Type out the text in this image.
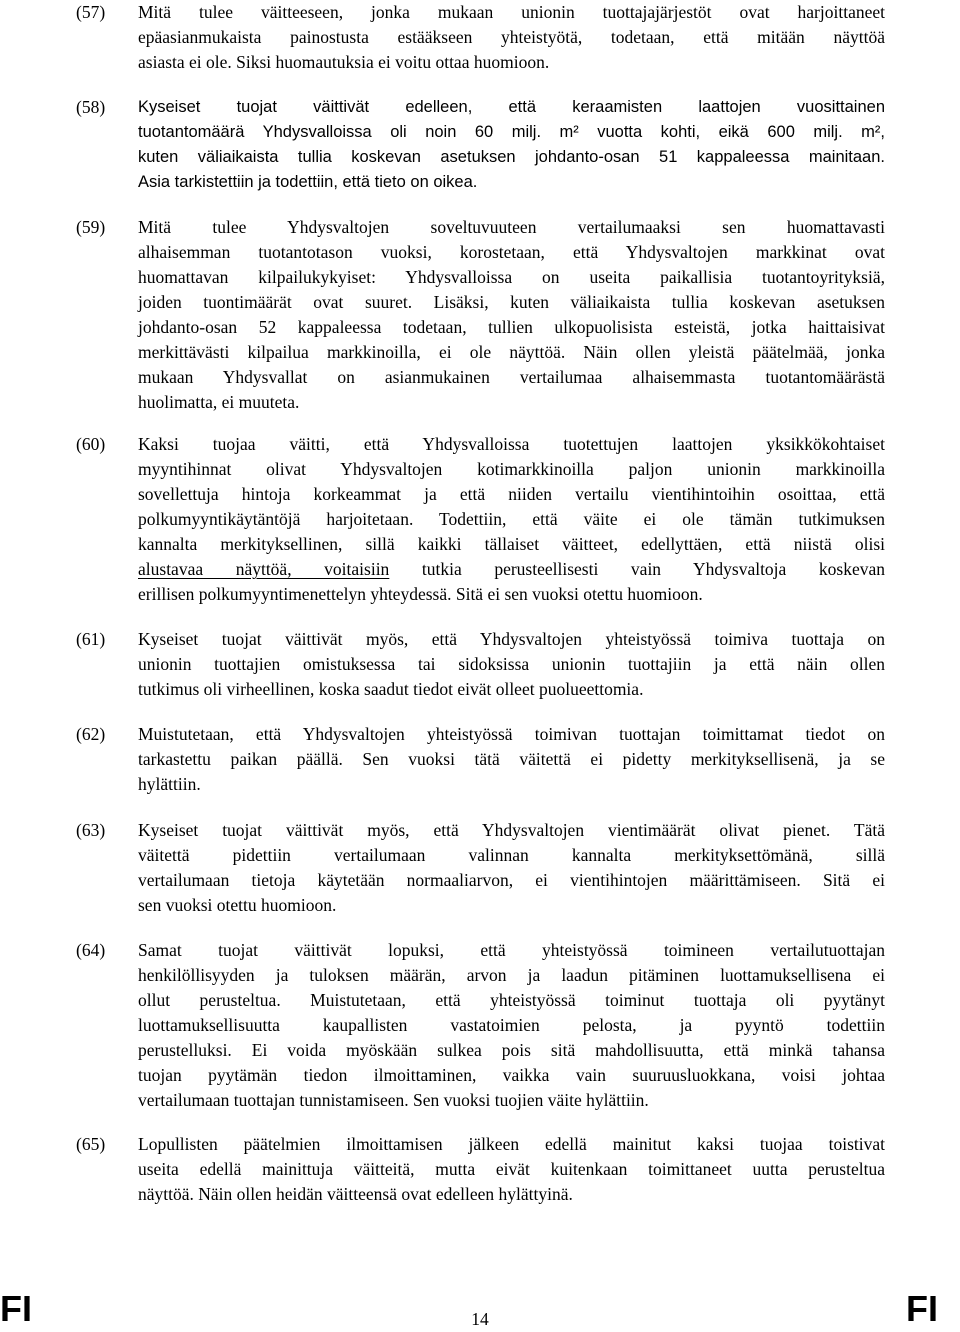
(57) Mitä tulee väitteeseen, jonka mukaan unionin tuottajajärjestöt ovat harjoittaneet
epäasianmukaista painostusta estääkseen yhteistyötä, todetaan, että mitään näyttöä
asiasta ei ole. Siksi huomautuksia ei voitu ottaa huomioon.
(58) Kyseiset tuojat väittivät edelleen, että keraamisten laattojen vuosittainen
tuotantomäärä Yhdysvalloissa oli noin 60 milj. m² vuotta kohti, eikä 600 milj. m²,
kuten väliaikaista tullia koskevan asetuksen johdanto-osan 51 kappaleessa mainitaan.
Asia tarkistettiin ja todettiin, että tieto on oikea.
(59) Mitä tulee Yhdysvaltojen soveltuvuuteen vertailumaaksi sen huomattavasti
alhaisemman tuotantotason vuoksi, korostetaan, että Yhdysvaltojen markkinat ovat
huomattavan kilpailukykyiset: Yhdysvalloissa on useita paikallisia tuotantoyrityksiä,
joiden tuontimäärät ovat suuret. Lisäksi, kuten väliaikaista tullia koskevan asetuksen
johdanto-osan 52 kappaleessa todetaan, tullien ulkopuolisista esteistä, jotka haittaisivat
merkittävästi kilpailua markkinoilla, ei ole näyttöä. Näin ollen yleistä päätelmää, jonka
mukaan Yhdysvallat on asianmukainen vertailumaa alhaisemmasta tuotantomäärästä
huolimatta, ei muuteta.
(60) Kaksi tuojaa väitti, että Yhdysvalloissa tuotettujen laattojen yksikkökohtaiset
myyntihinnat olivat Yhdysvaltojen kotimarkkinoilla paljon unionin markkinoilla
sovellettuja hintoja korkeammat ja että niiden vertailu vientihintoihin osoittaa, että
polkumyyntikäytäntöjä harjoitetaan. Todettiin, että väite ei ole tämän tutkimuksen
kannalta merkityksellinen, sillä kaikki tällaiset väitteet, edellyttäen, että niistä olisi
alustavaa näyttöä, voitaisiin tutkia perusteellisesti vain Yhdysvaltoja koskevan
erillisen polkumyyntimenettelyn yhteydessä. Sitä ei sen vuoksi otettu huomioon.
(61) Kyseiset tuojat väittivät myös, että Yhdysvaltojen yhteistyössä toimiva tuottaja on
unionin tuottajien omistuksessa tai sidoksissa unionin tuottajiin ja että näin ollen
tutkimus oli virheellinen, koska saadut tiedot eivät olleet puolueettomia.
(62) Muistutetaan, että Yhdysvaltojen yhteistyössä toimivan tuottajan toimittamat tiedot on
tarkastettu paikan päällä. Sen vuoksi tätä väitettä ei pidetty merkityksellisenä, ja se
hylättiin.
(63) Kyseiset tuojat väittivät myös, että Yhdysvaltojen vientimäärät olivat pienet. Tätä
väitettä pidettiin vertailumaan valinnan kannalta merkityksettömänä, sillä
vertailumaan tietoja käytetään normaaliarvon, ei vientihintojen määrittämiseen. Sitä ei
sen vuoksi otettu huomioon.
(64) Samat tuojat väittivät lopuksi, että yhteistyössä toimineen vertailutuottajan
henkilöllisyyden ja tuloksen määrän, arvon ja laadun pitäminen luottamuksellisena ei
ollut perusteltua. Muistutetaan, että yhteistyössä toiminut tuottaja oli pyytänyt
luottamuksellisuutta kaupallisten vastatoimien pelosta, ja pyyntö todettiin
perustelluksi. Ei voida myöskään sulkea pois sitä mahdollisuutta, että minkä tahansa
tuojan pyytämän tiedon ilmoittaminen, vaikka vain suuruusluokkana, voisi johtaa
vertailumaan tuottajan tunnistamiseen. Sen vuoksi tuojien väite hylättiin.
(65) Lopullisten päätelmien ilmoittamisen jälkeen edellä mainitut kaksi tuojaa toistivat
useita edellä mainittuja väitteitä, mutta eivät kuitenkaan toimittaneet uutta perusteltua
näyttöä. Näin ollen heidän väitteensä ovat edelleen hylättyinä.
FI	14	FI
